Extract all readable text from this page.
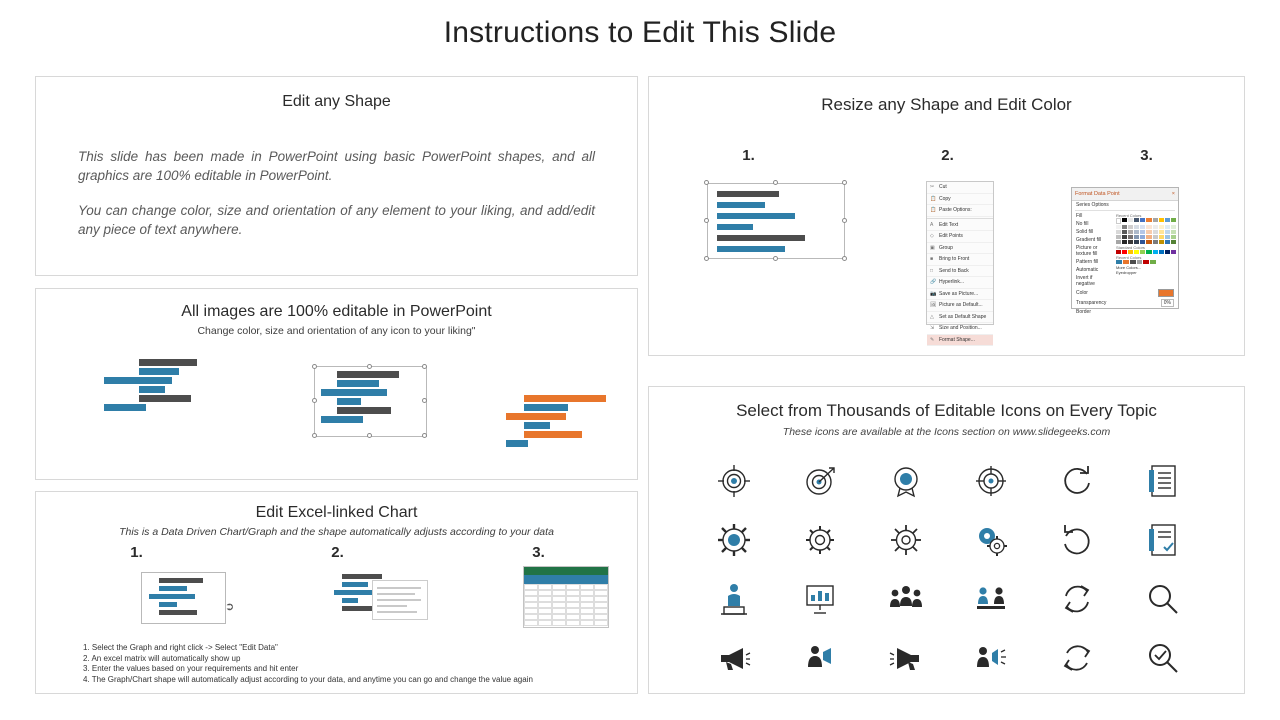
Instructions to Edit This Slide
Edit any Shape
This slide has been made in PowerPoint using basic PowerPoint shapes, and all graphics are 100% editable in PowerPoint.
You can change color, size and orientation of any element to your liking, and add/edit any piece of text anywhere.
All images are 100% editable in PowerPoint
Change color, size and orientation of any icon to your liking"
Edit Excel-linked Chart
This is a Data Driven Chart/Graph and the shape automatically adjusts according to your data
1.	2.	3.
➲
1. Select the Graph and right click -> Select "Edit Data"
2. An excel matrix will automatically show up
3. Enter the values based on your requirements and hit enter
4. The Graph/Chart shape will automatically adjust according to your data, and anytime you can go and change the value again
Resize any Shape and Edit Color
1.	2.	3.
✂ Cut
📋 Copy
📋 Paste Options:
A	Edit Text
◇	Edit Points
▣ Group
■	Bring to Front
□	Send to Back
🔗 Hyperlink...
📷 Save as Picture...
🖼 Picture as Default...
△	Set as Default Shape
⇲ Size and Position...
✎ Format Shape...
Format Data Point	×
Series Options
Fill
No fill
Solid fill
Gradient fill
Picture or texture fill
Pattern fill
Automatic
Invert if negative
Recent Colors
Standard Colors
Recent Colors
More Colors...
Eyedropper
Color
Transparency	0%
Border
Select from Thousands of Editable Icons on Every Topic
These icons are available at the Icons section on www.slidegeeks.com
